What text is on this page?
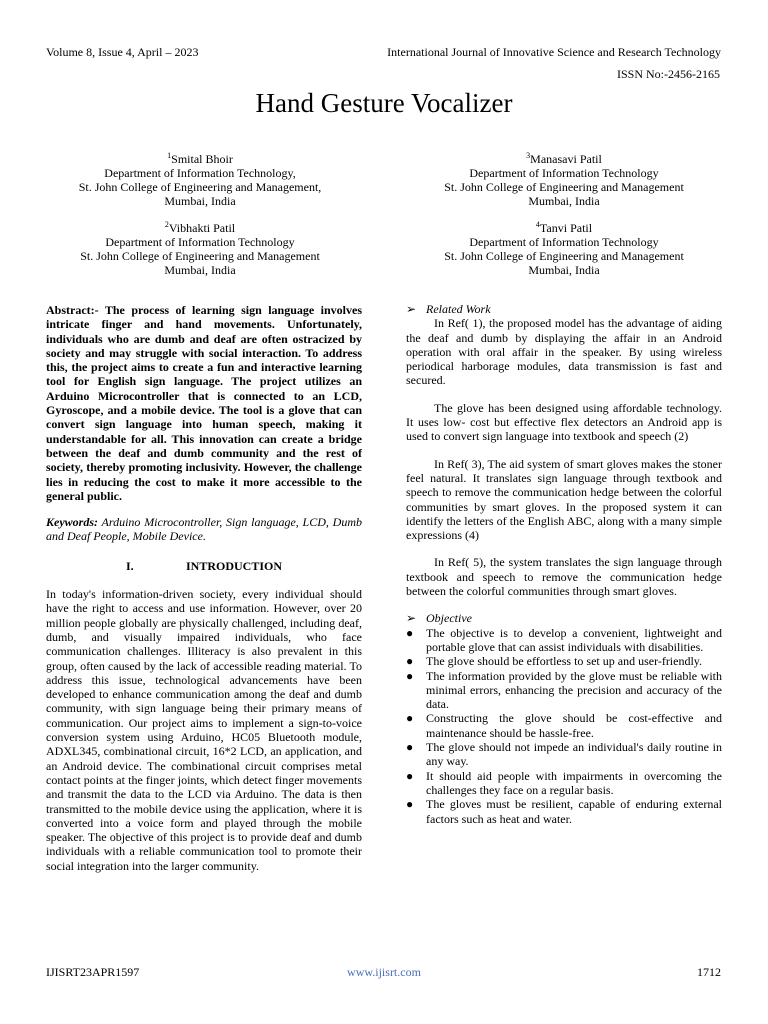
Volume 8, Issue 4, April – 2023	International Journal of Innovative Science and Research Technology
ISSN No:-2456-2165
Hand Gesture Vocalizer
$^1$Smital Bhoir
Department of Information Technology,
St. John College of Engineering and Management,
Mumbai, India
$^3$Manasavi Patil
Department of Information Technology
St. John College of Engineering and Management
Mumbai, India
$^2$Vibhakti Patil
Department of Information Technology
St. John College of Engineering and Management
Mumbai, India
$^4$Tanvi Patil
Department of Information Technology
St. John College of Engineering and Management
Mumbai, India
Abstract:- The process of learning sign language involves intricate finger and hand movements. Unfortunately, individuals who are dumb and deaf are often ostracized by society and may struggle with social interaction. To address this, the project aims to create a fun and interactive learning tool for English sign language. The project utilizes an Arduino Microcontroller that is connected to an LCD, Gyroscope, and a mobile device. The tool is a glove that can convert sign language into human speech, making it understandable for all. This innovation can create a bridge between the deaf and dumb community and the rest of society, thereby promoting inclusivity. However, the challenge lies in reducing the cost to make it more accessible to the general public.
Keywords: Arduino Microcontroller, Sign language, LCD, Dumb and Deaf People, Mobile Device.
I.	INTRODUCTION
In today's information-driven society, every individual should have the right to access and use information. However, over 20 million people globally are physically challenged, including deaf, dumb, and visually impaired individuals, who face communication challenges. Illiteracy is also prevalent in this group, often caused by the lack of accessible reading material. To address this issue, technological advancements have been developed to enhance communication among the deaf and dumb community, with sign language being their primary means of communication. Our project aims to implement a sign-to-voice conversion system using Arduino, HC05 Bluetooth module, ADXL345, combinational circuit, 16*2 LCD, an application, and an Android device. The combinational circuit comprises metal contact points at the finger joints, which detect finger movements and transmit the data to the LCD via Arduino. The data is then transmitted to the mobile device using the application, where it is converted into a voice form and played through the mobile speaker. The objective of this project is to provide deaf and dumb individuals with a reliable communication tool to promote their social integration into the larger community.
➢ Related Work
In Ref( 1), the proposed model has the advantage of aiding the deaf and dumb by displaying the affair in an Android operation with oral affair in the speaker. By using wireless periodical harborage modules, data transmission is fast and secured.
The glove has been designed using affordable technology. It uses low- cost but effective flex detectors an Android app is used to convert sign language into textbook and speech (2)
In Ref( 3), The aid system of smart gloves makes the stoner feel natural. It translates sign language through textbook and speech to remove the communication hedge between the colorful communities by smart gloves. In the proposed system it can identify the letters of the English ABC, along with a many simple expressions (4)
In Ref( 5), the system translates the sign language through textbook and speech to remove the communication hedge between the colorful communities through smart gloves.
➢ Objective
● The objective is to develop a convenient, lightweight and portable glove that can assist individuals with disabilities.
● The glove should be effortless to set up and user-friendly.
● The information provided by the glove must be reliable with minimal errors, enhancing the precision and accuracy of the data.
● Constructing the glove should be cost-effective and maintenance should be hassle-free.
● The glove should not impede an individual's daily routine in any way.
● It should aid people with impairments in overcoming the challenges they face on a regular basis.
● The gloves must be resilient, capable of enduring external factors such as heat and water.
IJISRT23APR1597	www.ijisrt.com	1712
